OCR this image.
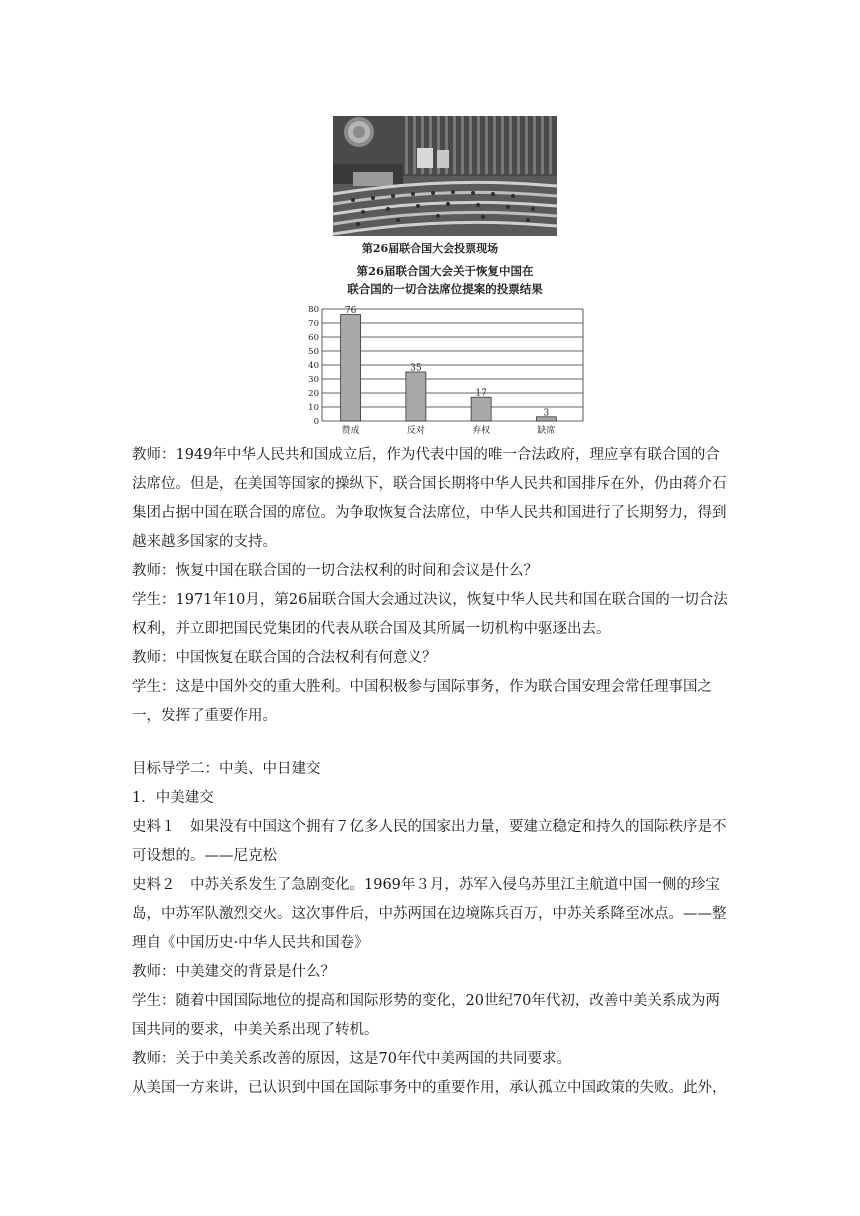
第26届联合国大会投票现场
第26届联合国大会关于恢复中国在
联合国的一切合法席位提案的投票结果
0
10
20
30
40
50
60
70
80	76
赞成
35
反对
17
弃权
3
缺席

教师：1949年中华人民共和国成立后，作为代表中国的唯一合法政府，理应享有联合国的合法席位。但是，在美国等国家的操纵下，联合国长期将中华人民共和国排斥在外，仍由蒋介石集团占据中国在联合国的席位。为争取恢复合法席位，中华人民共和国进行了长期努力，得到越来越多国家的支持。

教师：恢复中国在联合国的一切合法权利的时间和会议是什么？

学生：1971年10月，第26届联合国大会通过决议，恢复中华人民共和国在联合国的一切合法权利，并立即把国民党集团的代表从联合国及其所属一切机构中驱逐出去。

教师：中国恢复在联合国的合法权利有何意义？

学生：这是中国外交的重大胜利。中国积极参与国际事务，作为联合国安理会常任理事国之一，发挥了重要作用。

目标导学二：中美、中日建交

1．中美建交

史料１　如果没有中国这个拥有７亿多人民的国家出力量，要建立稳定和持久的国际秩序是不可设想的。——尼克松

史料２　中苏关系发生了急剧变化。1969年３月，苏军入侵乌苏里江主航道中国一侧的珍宝岛，中苏军队激烈交火。这次事件后，中苏两国在边境陈兵百万，中苏关系降至冰点。——整理自《中国历史·中华人民共和国卷》

教师：中美建交的背景是什么？

学生：随着中国国际地位的提高和国际形势的变化，20世纪70年代初，改善中美关系成为两国共同的要求，中美关系出现了转机。

教师：关于中美关系改善的原因，这是70年代中美两国的共同要求。

从美国一方来讲，已认识到中国在国际事务中的重要作用，承认孤立中国政策的失败。此外，
